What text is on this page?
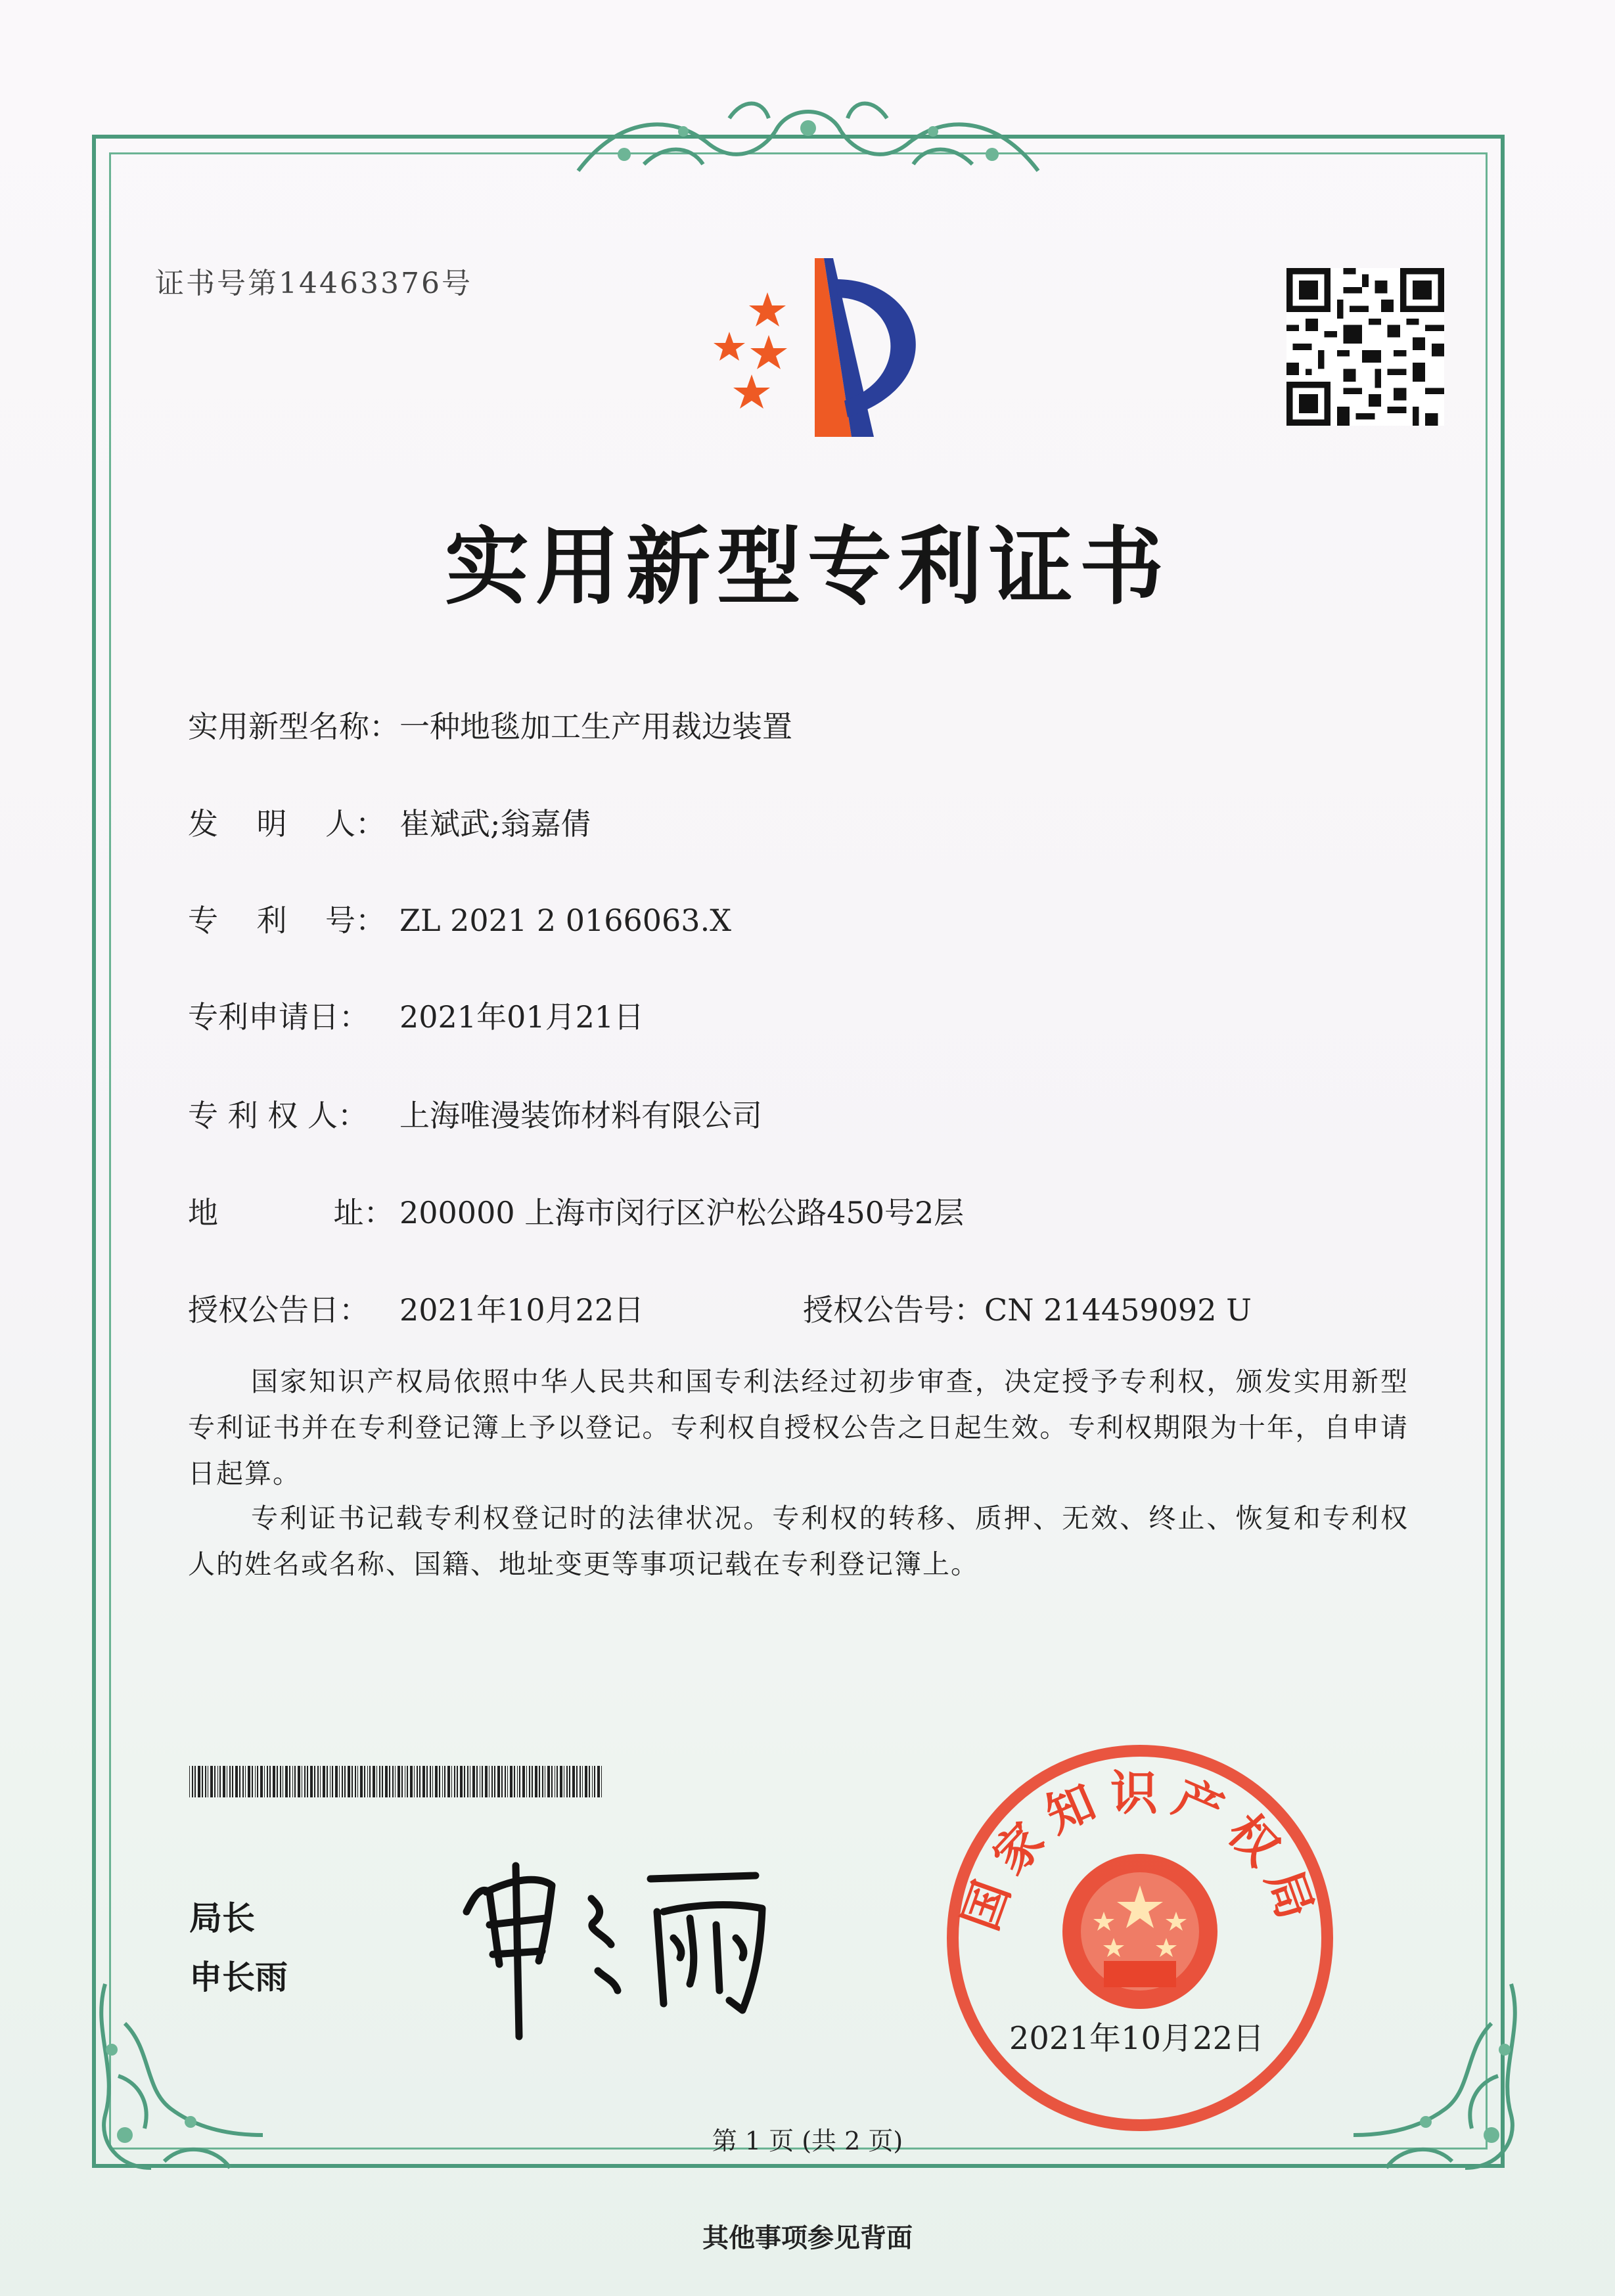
证书号第14463376号
实用新型专利证书
实用新型名称：一种地毯加工生产用裁边装置
发    明    人： 崔斌武;翁嘉倩
专    利    号： ZL 2021 2 0166063.X
专利申请日： 2021年01月21日
专 利 权 人： 上海唯漫装饰材料有限公司
地            址： 200000 上海市闵行区沪松公路450号2层
授权公告日： 2021年10月22日	授权公告号：CN 214459092 U
国家知识产权局依照中华人民共和国专利法经过初步审查，决定授予专利权，颁发实用新型专利证书并在专利登记簿上予以登记。专利权自授权公告之日起生效。专利权期限为十年，自申请日起算。
专利证书记载专利权登记时的法律状况。专利权的转移、质押、无效、终止、恢复和专利权人的姓名或名称、国籍、地址变更等事项记载在专利登记簿上。
局长
申长雨
国家知识产权局
2021年10月22日
第 1 页 (共 2 页)
其他事项参见背面
